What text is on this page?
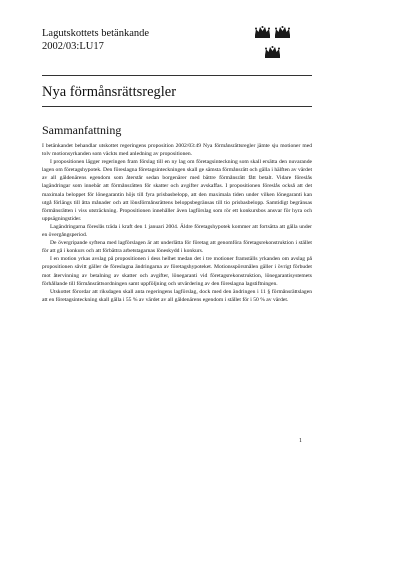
Lagutskottets betänkande
2002/03:LU17
Nya förmånsrättsregler
Sammanfattning

I betänkandet behandlar utskottet regeringens proposition 2002/03:49 Nya förmånsrättsregler jämte sju motioner med tolv motionsyrkanden som väckts med anledning av propositionen.

I propositionen lägger regeringen fram förslag till en ny lag om företagsinteckning som skall ersätta den nuvarande lagen om företagshypotek. Den föreslagna företagsinteckningen skall ge sämsta förmånsrätt och gälla i hälften av värdet av all gäldenärens egendom som återstår sedan borgenärer med bättre förmånsrätt fått betalt. Vidare föreslås lagändringar som innebär att förmånsrätten för skatter och avgifter avskaffas. I propositionen föreslås också att det maximala beloppet för lönegarantin höjs till fyra prisbasbelopp, att den maximala tiden under vilken lönegaranti kan utgå förlängs till åtta månader och att lönsförmånsrättens beloppsbegränsas till tio prisbasbelopp. Samtidigt begränsas förmånsrätten i viss utsträckning. Propositionen innehåller även lagförslag som rör ett konkursbos ansvar för hyra och uppsägningstider.

Lagändringarna föreslås träda i kraft den 1 januari 2004. Äldre företagshypotek kommer att fortsätta att gälla under en övergångsperiod.

De övergripande syftena med lagförslagen är att underlätta för företag att genomföra företagsrekonstruktion i stället för att gå i konkurs och att förbättra arbetstagarnas löneskydd i konkurs.

I en motion yrkas avslag på propositionen i dess helhet medan det i tre motioner framställs yrkanden om avslag på propositionen såvitt gäller de föreslagna ändringarna av företagshypoteket. Motionsspörsmålen gäller i övrigt förbudet mot återvinning av betalning av skatter och avgifter, lönegaranti vid företagsrekonstruktion, lönegarantisystemets förhållande till förmånsrättsordningen samt uppföljning och utvärdering av den föreslagna lagstiftningen.

Utskottet förordar att riksdagen skall anta regeringens lagförslag, dock med den ändringen i 11 § förmånsrättslagen att en företagsinteckning skall gälla i 55 % av värdet av all gäldenärens egendom i stället för i 50 % av värdet.

1
